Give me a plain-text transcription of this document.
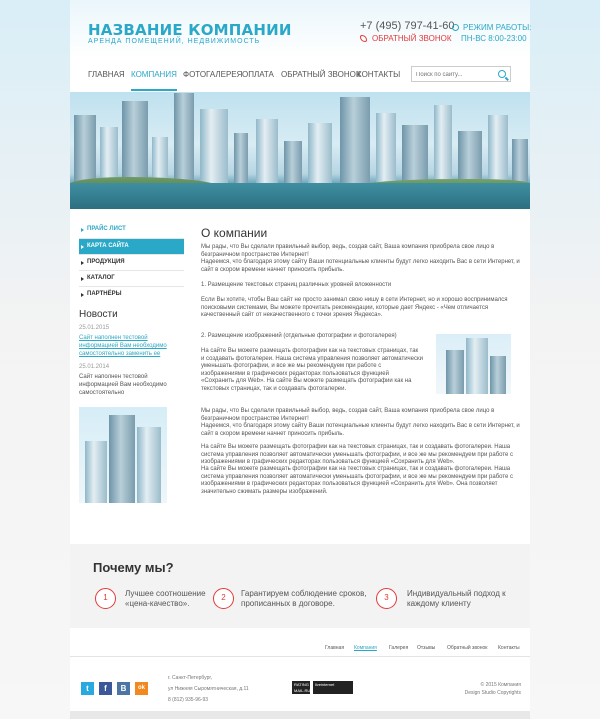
НАЗВАНИЕ КОМПАНИИ
АРЕНДА ПОМЕЩЕНИЙ, НЕДВИЖИМОСТЬ
+7 (495) 797-41-60
ОБРАТНЫЙ ЗВОНОК
РЕЖИМ РАБОТЫ:
ПН-ВС 8:00-23:00
ГЛАВНАЯ КОМПАНИЯ ФОТОГАЛЕРЕЯ ОПЛАТА ОБРАТНЫЙ ЗВОНОК
КОНТАКТЫ
Поиск по сайту...
ПРАЙС ЛИСТ
КАРТА САЙТА
ПРОДУКЦИЯ
КАТАЛОГ
ПАРТНЁРЫ
Новости
25.01.2015
Сайт наполнен тестовой информацией Вам необходимо самостоятельно заменить ее
25.01.2014
Сайт наполнен тестовой информацией Вам необходимо самостоятельно
О компании
Мы рады, что Вы сделали правильный выбор, ведь, создав сайт, Ваша компания приобрела свое лицо в безграничном пространстве Интернет!
Надеемся, что благодаря этому сайту Ваши потенциальные клиенты будут легко находить Вас в сети Интернет, и сайт в скором времени начнет приносить прибыль.
1. Размещение текстовых страниц различных уровней вложенности
Если Вы хотите, чтобы Ваш сайт не просто занимал свою нишу в сети Интернет, но и хорошо воспринимался поисковыми системами, Вы можете прочитать рекомендации, которые дает Яндекс - «Чем отличается качественный сайт от некачественного с точки зрения Яндекса».
2. Размещение изображений (отдельные фотографии и фотогалерея)
На сайте Вы можете размещать фотографии как на текстовых страницах, так и создавать фотогалереи. Наша система управления позволяет автоматически уменьшать фотографии, и все же мы рекомендуем при работе с изображениями в графических редакторах пользоваться функцией «Сохранить для Web». На сайте Вы можете размещать фотографии как на текстовых страницах, так и создавать фотогалереи.
Мы рады, что Вы сделали правильный выбор, ведь, создав сайт, Ваша компания приобрела свое лицо в безграничном пространстве Интернет!
Надеемся, что благодаря этому сайту Ваши потенциальные клиенты будут легко находить Вас в сети Интернет, и сайт в скором времени начнет приносить прибыль.
На сайте Вы можете размещать фотографии как на текстовых страницах, так и создавать фотогалереи. Наша система управления позволяет автоматически уменьшать фотографии, и все же мы рекомендуем при работе с изображениями в графических редакторах пользоваться функцией «Сохранить для Web».
На сайте Вы можете размещать фотографии как на текстовых страницах, так и создавать фотогалереи. Наша система управления позволяет автоматически уменьшать фотографии, и все же мы рекомендуем при работе с изображениями в графических редакторах пользоваться функцией «Сохранить для Web». Она позволяет значительно сжимать размеры изображений.
Почему мы?
1	Лучшее соотношение
«цена-качество».
2	Гарантируем соблюдение сроков,
прописанных в договоре.
3	Индивидуальный подход к
каждому клиенту
Главная Компания Галерея Отзывы Обратный звонок Контакты
t	f	В	ok
г. Санкт-Петербург,
ул Нижняя Сыромятническая, д.11
8 (812) 935-96-93
RATING MAIL.RU
liveinternet	© 2015 Компания
Design Studio Copyrights
